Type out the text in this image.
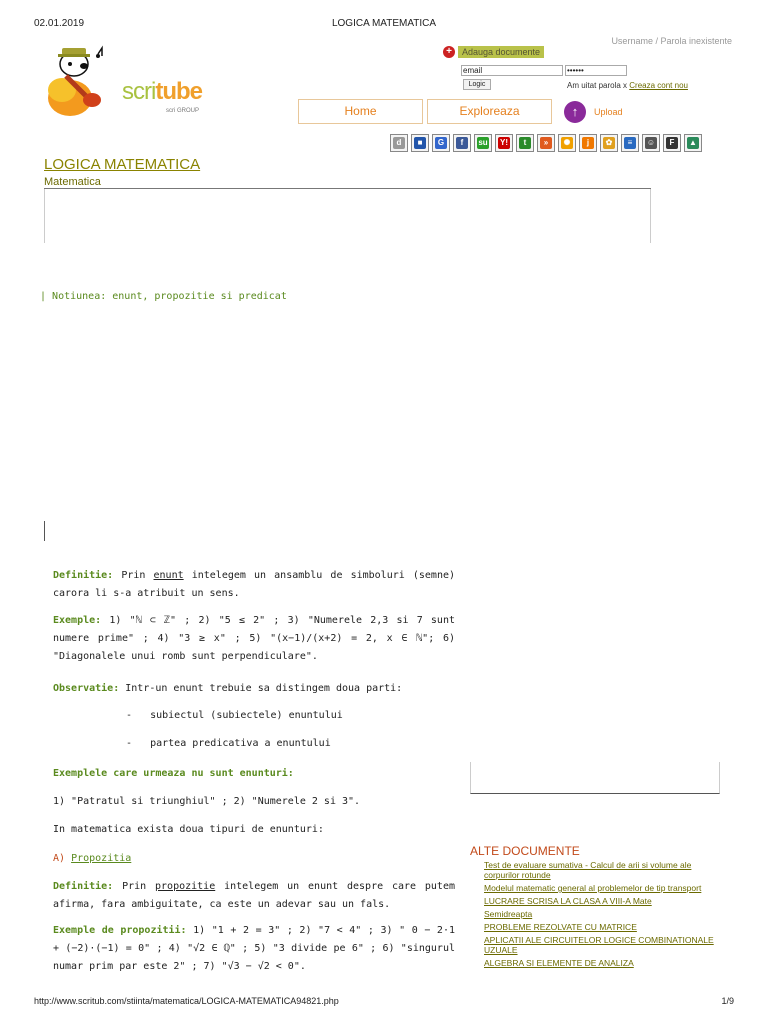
02.01.2019	LOGICA MATEMATICA
scritube
scri GROUP
Username / Parola inexistente
+	Adauga documente
email	••••••
Logic	Am uitat parola x Creaza cont nou
Home	Exploreaza	↑	Upload
d	■	G	f	su Y!	t	»	✺	j	✿	≡	☺	F	▲
LOGICA MATEMATICA
Matematica
| Notiunea: enunt, propozitie si predicat
Definitie: Prin enunt intelegem un ansamblu de simboluri (semne) carora li s-a atribuit un sens.
Exemple: 1) "ℕ ⊂ ℤ" ; 2) "5 ≤ 2" ; 3) "Numerele 2,3 si 7 sunt numere prime" ; 4) "3 ≥ x" ; 5) "(x−1)/(x+2) = 2, x ∈ ℕ"; 6) "Diagonalele unui romb sunt perpendiculare".
Observatie: Intr-un enunt trebuie sa distingem doua parti:
-   subiectul (subiectele) enuntului
-   partea predicativa a enuntului
Exemplele care urmeaza nu sunt enunturi:
1) "Patratul si triunghiul" ; 2) "Numerele 2 si 3".
In matematica exista doua tipuri de enunturi:
A) Propozitia
Definitie: Prin propozitie intelegem un enunt despre care putem afirma, fara ambiguitate, ca este un adevar sau un fals.
Exemple de propozitii: 1) "1 + 2 = 3" ; 2) "7 < 4" ; 3) " 0 − 2·1 + (−2)·(−1) = 0" ; 4) "√2 ∈ ℚ" ; 5) "3 divide pe 6" ; 6) "singurul numar prim par este 2" ; 7) "√3 − √2 < 0".
ALTE DOCUMENTE
Test de evaluare sumativa - Calcul de arii si volume ale corpurilor rotunde
Modelul matematic general al problemelor de tip transport
LUCRARE SCRISA LA CLASA A VIII-A Mate
Semidreapta
PROBLEME REZOLVATE CU MATRICE
APLICATII ALE CIRCUITELOR LOGICE COMBINATIONALE UZUALE
ALGEBRA SI ELEMENTE DE ANALIZA
http://www.scritub.com/stiinta/matematica/LOGICA-MATEMATICA94821.php	1/9
